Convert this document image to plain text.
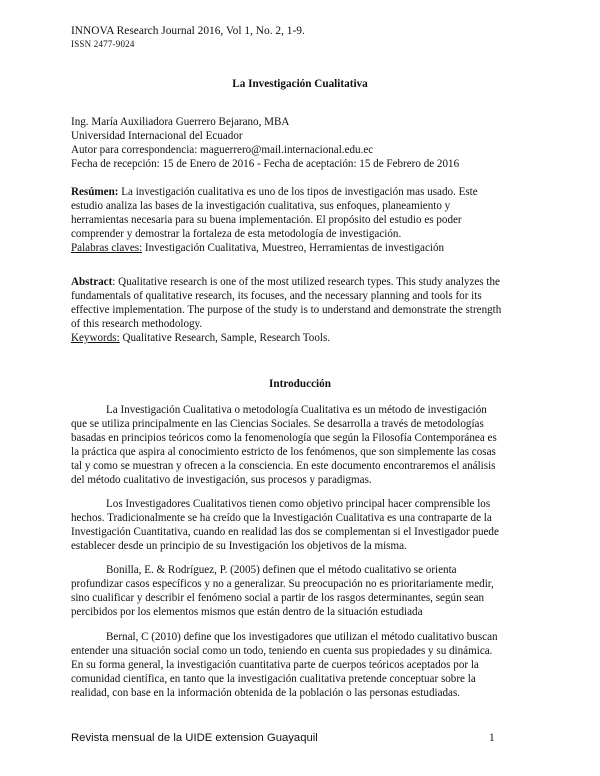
INNOVA Research Journal 2016, Vol 1, No. 2, 1-9.
ISSN 2477-9024
La Investigación Cualitativa
Ing. María Auxiliadora Guerrero Bejarano, MBA
Universidad Internacional del Ecuador
Autor para correspondencia: maguerrero@mail.internacional.edu.ec
Fecha de recepción: 15 de Enero de 2016 - Fecha de aceptación: 15 de Febrero de 2016
Resúmen: La investigación cualitativa es uno de los tipos de investigación mas usado. Este
estudio analiza las bases de la investigación cualitativa, sus enfoques, planeamiento y
herramientas necesaria para su buena implementación. El propósito del estudio es poder
comprender y demostrar la fortaleza de esta metodología de investigación.
Palabras claves: Investigación Cualitativa, Muestreo, Herramientas de investigación
Abstract: Qualitative research is one of the most utilized research types. This study analyzes the
fundamentals of qualitative research, its focuses, and the necessary planning and tools for its
effective implementation. The purpose of the study is to understand and demonstrate the strength
of this research methodology.
Keywords: Qualitative Research, Sample, Research Tools.
Introducción
La Investigación Cualitativa o metodología Cualitativa es un método de investigación
que se utiliza principalmente en las Ciencias Sociales. Se desarrolla a través de metodologías
basadas en principios teóricos como la fenomenología que según la Filosofía Contemporánea es
la práctica que aspira al conocimiento estricto de los fenómenos, que son simplemente las cosas
tal y como se muestran y ofrecen a la consciencia. En este documento encontraremos el análisis
del método cualitativo de investigación, sus procesos y paradigmas.
Los Investigadores Cualitativos tienen como objetivo principal hacer comprensible los
hechos. Tradicionalmente se ha creído que la Investigación Cualitativa es una contraparte de la
Investigación Cuantitativa, cuando en realidad las dos se complementan si el Investigador puede
establecer desde un principio de su Investigación los objetivos de la misma.
Bonilla, E. & Rodríguez, P. (2005) definen que el método cualitativo se orienta
profundizar casos específicos y no a generalizar. Su preocupación no es prioritariamente medir,
sino cualificar y describir el fenómeno social a partir de los rasgos determinantes, según sean
percibidos por los elementos mismos que están dentro de la situación estudiada
Bernal, C (2010) define que los investigadores que utilizan el método cualitativo buscan
entender una situación social como un todo, teniendo en cuenta sus propiedades y su dinámica.
En su forma general, la investigación cuantitativa parte de cuerpos teóricos aceptados por la
comunidad científica, en tanto que la investigación cualitativa pretende conceptuar sobre la
realidad, con base en la información obtenida de la población o las personas estudiadas.
Revista mensual de la UIDE extension Guayaquil	1
